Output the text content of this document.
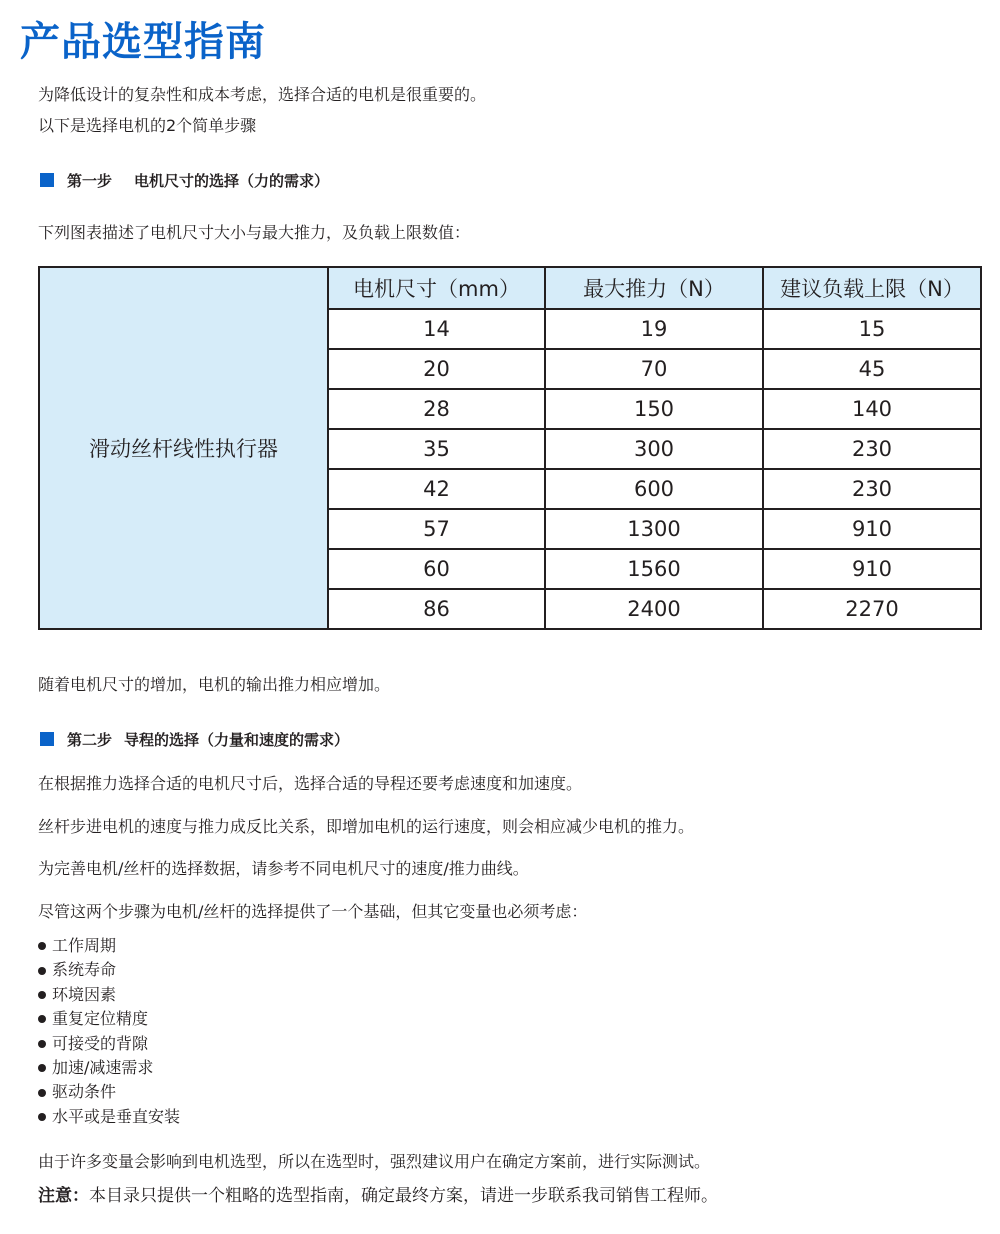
产品选型指南

为降低设计的复杂性和成本考虑，选择合适的电机是很重要的。

以下是选择电机的2个简单步骤

第一步 电机尺寸的选择（力的需求）

下列图表描述了电机尺寸大小与最大推力，及负载上限数值：

滑动丝杆线性执行器	电机尺寸（mm）	最大推力（N）	建议负载上限（N）
	14	19	15
	20	70	45
	28	150	140
	35	300	230
	42	600	230
	57	1300	910
	60	1560	910
	86	2400	2270

随着电机尺寸的增加，电机的输出推力相应增加。

第二步 导程的选择（力量和速度的需求）

在根据推力选择合适的电机尺寸后，选择合适的导程还要考虑速度和加速度。

丝杆步进电机的速度与推力成反比关系，即增加电机的运行速度，则会相应减少电机的推力。

为完善电机/丝杆的选择数据，请参考不同电机尺寸的速度/推力曲线。

尽管这两个步骤为电机/丝杆的选择提供了一个基础，但其它变量也必须考虑：

工作周期
系统寿命
环境因素
重复定位精度
可接受的背隙
加速/减速需求
驱动条件
水平或是垂直安装

由于许多变量会影响到电机选型，所以在选型时，强烈建议用户在确定方案前，进行实际测试。

注意：本目录只提供一个粗略的选型指南，确定最终方案，请进一步联系我司销售工程师。
